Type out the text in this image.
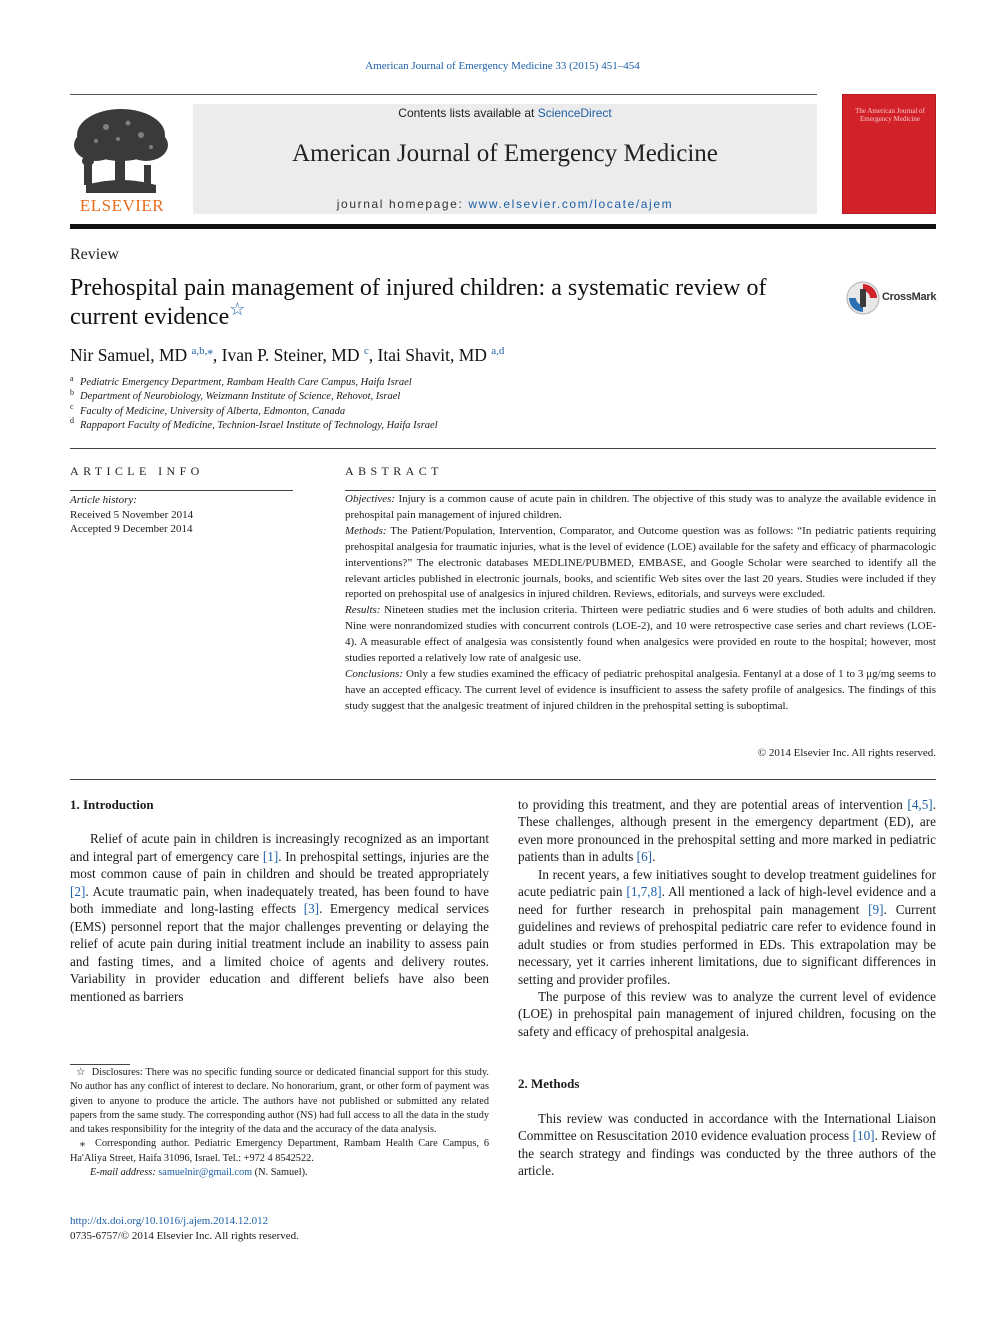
American Journal of Emergency Medicine 33 (2015) 451–454
ELSEVIER
Contents lists available at ScienceDirect
American Journal of Emergency Medicine
journal homepage: www.elsevier.com/locate/ajem
The American Journal of Emergency Medicine
Review
Prehospital pain management of injured children: a systematic review of current evidence☆
CrossMark
Nir Samuel, MD $^{a,b,⁎}$, Ivan P. Steiner, MD $^c$, Itai Shavit, MD $^{a,d}$
a Pediatric Emergency Department, Rambam Health Care Campus, Haifa Israel
b Department of Neurobiology, Weizmann Institute of Science, Rehovot, Israel
c Faculty of Medicine, University of Alberta, Edmonton, Canada
d Rappaport Faculty of Medicine, Technion-Israel Institute of Technology, Haifa Israel
ARTICLE INFO	ABSTRACT
Article history:
Received 5 November 2014
Accepted 9 December 2014
Objectives: Injury is a common cause of acute pain in children. The objective of this study was to analyze the available evidence in prehospital pain management of injured children.
Methods: The Patient/Population, Intervention, Comparator, and Outcome question was as follows: “In pediatric patients requiring prehospital analgesia for traumatic injuries, what is the level of evidence (LOE) available for the safety and efficacy of pharmacologic interventions?” The electronic databases MEDLINE/PUBMED, EMBASE, and Google Scholar were searched to identify all the relevant articles published in electronic journals, books, and scientific Web sites over the last 20 years. Studies were included if they reported on prehospital use of analgesics in injured children. Reviews, editorials, and surveys were excluded.
Results: Nineteen studies met the inclusion criteria. Thirteen were pediatric studies and 6 were studies of both adults and children. Nine were nonrandomized studies with concurrent controls (LOE-2), and 10 were retrospective case series and chart reviews (LOE-4). A measurable effect of analgesia was consistently found when analgesics were provided en route to the hospital; however, most studies reported a relatively low rate of analgesic use.
Conclusions: Only a few studies examined the efficacy of pediatric prehospital analgesia. Fentanyl at a dose of 1 to 3 μg/mg seems to have an accepted efficacy. The current level of evidence is insufficient to assess the safety profile of analgesics. The findings of this study suggest that the analgesic treatment of injured children in the prehospital setting is suboptimal.
© 2014 Elsevier Inc. All rights reserved.
1. Introduction

Relief of acute pain in children is increasingly recognized as an important and integral part of emergency care [1]. In prehospital settings, injuries are the most common cause of pain in children and should be treated appropriately [2]. Acute traumatic pain, when inadequately treated, has been found to have both immediate and long-lasting effects [3]. Emergency medical services (EMS) personnel report that the major challenges preventing or delaying the relief of acute pain during initial treatment include an inability to assess pain and fasting times, and a limited choice of agents and delivery routes. Variability in provider education and different beliefs have also been mentioned as barriers

to providing this treatment, and they are potential areas of intervention [4,5]. These challenges, although present in the emergency department (ED), are even more pronounced in the prehospital setting and more marked in pediatric patients than in adults [6].

In recent years, a few initiatives sought to develop treatment guidelines for acute pediatric pain [1,7,8]. All mentioned a lack of high-level evidence and a need for further research in prehospital pain management [9]. Current guidelines and reviews of prehospital pediatric care refer to evidence found in adult studies or from studies performed in EDs. This extrapolation may be necessary, yet it carries inherent limitations, due to significant differences in setting and provider profiles.

The purpose of this review was to analyze the current level of evidence (LOE) in prehospital pain management of injured children, focusing on the safety and efficacy of prehospital analgesia.

2. Methods

This review was conducted in accordance with the International Liaison Committee on Resuscitation 2010 evidence evaluation process [10]. Review of the search strategy and findings was conducted by the three authors of the article.

☆ Disclosures: There was no specific funding source or dedicated financial support for this study. No author has any conflict of interest to declare. No honorarium, grant, or other form of payment was given to anyone to produce the article. The authors have not published or submitted any related papers from the same study. The corresponding author (NS) had full access to all the data in the study and takes responsibility for the integrity of the data and the accuracy of the data analysis.
⁎ Corresponding author. Pediatric Emergency Department, Rambam Health Care Campus, 6 Ha'Aliya Street, Haifa 31096, Israel. Tel.: +972 4 8542522.
E-mail address: samuelnir@gmail.com (N. Samuel).
http://dx.doi.org/10.1016/j.ajem.2014.12.012
0735-6757/© 2014 Elsevier Inc. All rights reserved.
